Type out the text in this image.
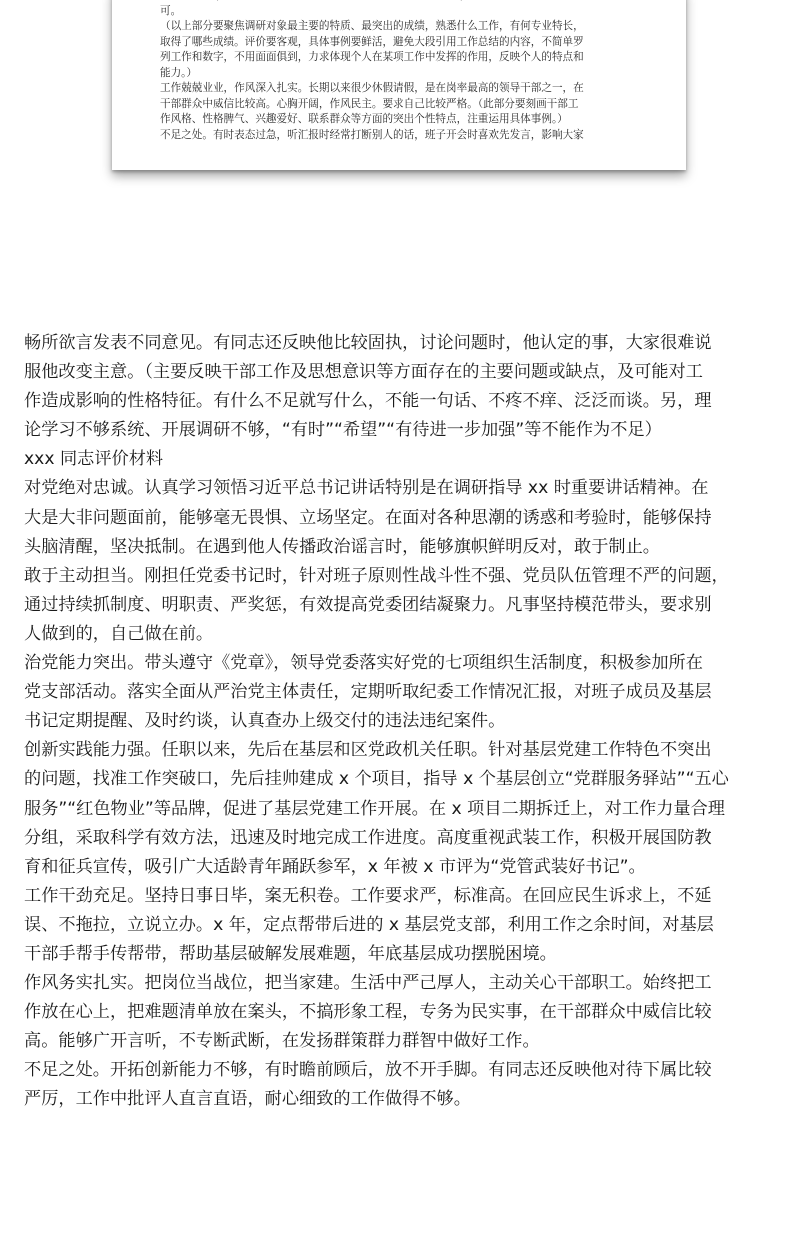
可。

（以上部分要聚焦调研对象最主要的特质、最突出的成绩，熟悉什么工作，有何专业特长，

取得了哪些成绩。评价要客观，具体事例要鲜活，避免大段引用工作总结的内容，不简单罗

列工作和数字，不用面面俱到，力求体现个人在某项工作中发挥的作用，反映个人的特点和

能力。）

工作兢兢业业，作风深入扎实。长期以来很少休假请假，是在岗率最高的领导干部之一，在

干部群众中威信比较高。心胸开阔，作风民主。要求自己比较严格。（此部分要刻画干部工

作风格、性格脾气、兴趣爱好、联系群众等方面的突出个性特点，注重运用具体事例。）

不足之处。有时表态过急，听汇报时经常打断别人的话，班子开会时喜欢先发言，影响大家

畅所欲言发表不同意见。有同志还反映他比较固执，讨论问题时，他认定的事，大家很难说

服他改变主意。（主要反映干部工作及思想意识等方面存在的主要问题或缺点，及可能对工

作造成影响的性格特征。有什么不足就写什么，不能一句话、不疼不痒、泛泛而谈。另，理

论学习不够系统、开展调研不够，“有时”“希望”“有待进一步加强”等不能作为不足）

xxx 同志评价材料

对党绝对忠诚。认真学习领悟习近平总书记讲话特别是在调研指导 xx 时重要讲话精神。在

大是大非问题面前，能够毫无畏惧、立场坚定。在面对各种思潮的诱惑和考验时，能够保持

头脑清醒，坚决抵制。在遇到他人传播政治谣言时，能够旗帜鲜明反对，敢于制止。

敢于主动担当。刚担任党委书记时，针对班子原则性战斗性不强、党员队伍管理不严的问题，

通过持续抓制度、明职责、严奖惩，有效提高党委团结凝聚力。凡事坚持模范带头，要求别

人做到的，自己做在前。

治党能力突出。带头遵守《党章》，领导党委落实好党的七项组织生活制度，积极参加所在

党支部活动。落实全面从严治党主体责任，定期听取纪委工作情况汇报，对班子成员及基层

书记定期提醒、及时约谈，认真查办上级交付的违法违纪案件。

创新实践能力强。任职以来，先后在基层和区党政机关任职。针对基层党建工作特色不突出

的问题，找准工作突破口，先后挂帅建成 x 个项目，指导 x 个基层创立“党群服务驿站”“五心

服务”“红色物业”等品牌，促进了基层党建工作开展。在 x 项目二期拆迁上，对工作力量合理

分组，采取科学有效方法，迅速及时地完成工作进度。高度重视武装工作，积极开展国防教

育和征兵宣传，吸引广大适龄青年踊跃参军，x 年被 x 市评为“党管武装好书记”。

工作干劲充足。坚持日事日毕，案无积卷。工作要求严，标准高。在回应民生诉求上，不延

误、不拖拉，立说立办。x 年，定点帮带后进的 x 基层党支部，利用工作之余时间，对基层

干部手帮手传帮带，帮助基层破解发展难题，年底基层成功摆脱困境。

作风务实扎实。把岗位当战位，把当家建。生活中严己厚人，主动关心干部职工。始终把工

作放在心上，把难题清单放在案头，不搞形象工程，专务为民实事，在干部群众中威信比较

高。能够广开言听，不专断武断，在发扬群策群力群智中做好工作。

不足之处。开拓创新能力不够，有时瞻前顾后，放不开手脚。有同志还反映他对待下属比较

严厉，工作中批评人直言直语，耐心细致的工作做得不够。
